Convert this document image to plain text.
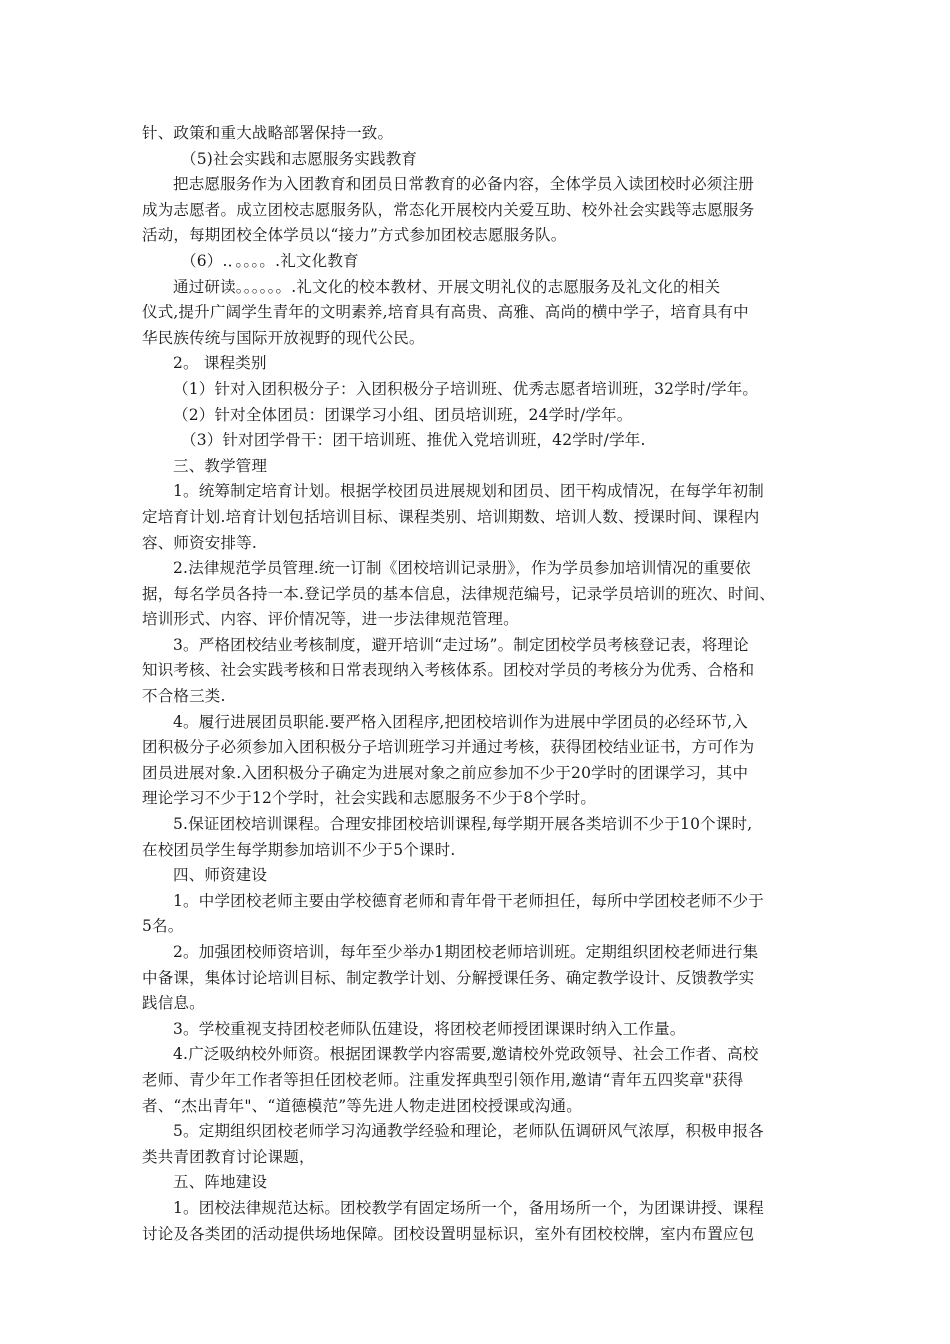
针、政策和重大战略部署保持一致。
（5)社会实践和志愿服务实践教育
把志愿服务作为入团教育和团员日常教育的必备内容，全体学员入读团校时必须注册
成为志愿者。成立团校志愿服务队，常态化开展校内关爱互助、校外社会实践等志愿服务
活动，每期团校全体学员以“接力”方式参加团校志愿服务队。
（6）.．。。。。.礼文化教育
通过研读。。。。。。.礼文化的校本教材、开展文明礼仪的志愿服务及礼文化的相关
仪式,提升广阔学生青年的文明素养,培育具有高贵、高雅、高尚的横中学子，培育具有中
华民族传统与国际开放视野的现代公民。
2。 课程类别
（1）针对入团积极分子：入团积极分子培训班、优秀志愿者培训班，32学时/学年。
（2）针对全体团员：团课学习小组、团员培训班，24学时/学年。
（3）针对团学骨干：团干培训班、推优入党培训班，42学时/学年.
三、教学管理
1。统筹制定培育计划。根据学校团员进展规划和团员、团干构成情况，在每学年初制
定培育计划.培育计划包括培训目标、课程类别、培训期数、培训人数、授课时间、课程内
容、师资安排等.
2.法律规范学员管理.统一订制《团校培训记录册》，作为学员参加培训情况的重要依
据，每名学员各持一本.登记学员的基本信息，法律规范编号，记录学员培训的班次、时间、
培训形式、内容、评价情况等，进一步法律规范管理。
3。严格团校结业考核制度，避开培训“走过场”。制定团校学员考核登记表，将理论
知识考核、社会实践考核和日常表现纳入考核体系。团校对学员的考核分为优秀、合格和
不合格三类.
4。履行进展团员职能.要严格入团程序,把团校培训作为进展中学团员的必经环节,入
团积极分子必须参加入团积极分子培训班学习并通过考核，获得团校结业证书，方可作为
团员进展对象.入团积极分子确定为进展对象之前应参加不少于20学时的团课学习，其中
理论学习不少于12个学时，社会实践和志愿服务不少于8个学时。
5.保证团校培训课程。合理安排团校培训课程,每学期开展各类培训不少于10个课时,
在校团员学生每学期参加培训不少于5个课时.
四、师资建设
1。中学团校老师主要由学校德育老师和青年骨干老师担任，每所中学团校老师不少于
5名。
2。加强团校师资培训，每年至少举办1期团校老师培训班。定期组织团校老师进行集
中备课，集体讨论培训目标、制定教学计划、分解授课任务、确定教学设计、反馈教学实
践信息。
3。学校重视支持团校老师队伍建设，将团校老师授团课课时纳入工作量。
4.广泛吸纳校外师资。根据团课教学内容需要,邀请校外党政领导、社会工作者、高校
老师、青少年工作者等担任团校老师。注重发挥典型引领作用,邀请“青年五四奖章"获得
者、“杰出青年"、“道德模范”等先进人物走进团校授课或沟通。
5。定期组织团校老师学习沟通教学经验和理论，老师队伍调研风气浓厚，积极申报各
类共青团教育讨论课题，
五、阵地建设
1。团校法律规范达标。团校教学有固定场所一个，备用场所一个，为团课讲授、课程
讨论及各类团的活动提供场地保障。团校设置明显标识，室外有团校校牌，室内布置应包
